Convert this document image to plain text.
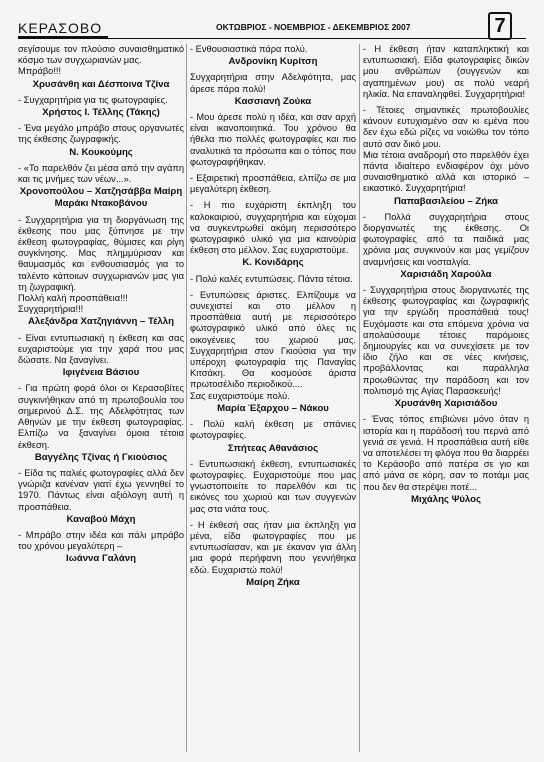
ΚΕΡΑΣΟΒΟ	ΟΚΤΩΒΡΙΟΣ - ΝΟΕΜΒΡΙΟΣ - ΔΕΚΕΜΒΡΙΟΣ 2007	7

σεγίσουμε τον πλούσιο συναισθηματικό κόσμο των συγχωριανών μας.
Μπράβο!!!

Χρυσάνθη και Δέσποινα Τζίνα

- Συγχαρητήρια για τις φωτογραφίες.

Χρήστος Ι. Τέλλης (Τάκης)

- Ένα μεγάλο μπράβο στους οργανωτές της έκθεσης ζωγραφικής.

Ν. Κουκούμης

- «Το παρελθόν ζει μέσα από την αγάπη και τις μνήμες των νέων...».

Χρονοπούλου – Χατζησάββα Μαίρη

Μαράκι Ντακοβάνου

- Συγχαρητήρια για τη διοργάνωση της έκθεσης που μας ξύπνησε με την έκθεση φωτογραφίας, θύμισες και ρίγη συγκίνησης. Μας πλημμύρισαν και θαυμασμός και ενθουσιασμός για το ταλέντο κάποιων συγχωριανών μας για τη ζωγραφική.
Πολλή καλή προσπάθεια!!!
Συγχαρητήρια!!!

Αλεξάνδρα Χατζηγιάννη – Τέλλη

- Είναι εντυπωσιακή η έκθεση και σας ευχαριστούμε για την χαρά που μας δώσατε. Να ξαναγίνει.

Ιφιγένεια Βάσιου

- Για πρώτη φορά όλοι οι Κερασοβίτες συγκινήθηκαν από τη πρωτοβουλία του σημερινού Δ.Σ. της Αδελφότητας των Αθηνών με την έκθεση φωτογραφίας. Ελπίζω να ξαναγίνει όμοια τέτοια έκθεση.

Βαγγέλης Τζίνας ή Γκιούσιος

- Είδα τις παλιές φωτογραφίες αλλά δεν γνώριζα κανέναν γιατί έχω γεννηθεί το 1970. Πάντως είναι αξιόλογη αυτή η προσπάθεια.

Καναβού Μάχη

- Μπράβο στην ιδέα και πάλι μπράβο του χρόνου μεγαλύτερη –

Ιωάννα Γαλάνη

- Ενθουσιαστικά πάρα πολύ.

Ανδρονίκη Κυρίτση

Συγχαρητήρια στην Αδελφότητα, μας άρεσε πάρα πολύ!

Κασσιανή Ζούκα

- Μου άρεσε πολύ η ιδέα, και σαν αρχή είναι ικανοποιητικά. Του χρόνου θα ήθελα πιο πολλές φωτογραφίες και πιο αναλυτικά τα πρόσωπα και ο τόπος που φωτογραφήθηκαν.

- Εξαιρετική προσπάθεια, ελπίζω σε μια μεγαλύτερη έκθεση.

- Η πιο ευχάριστη έκπληξη του καλοκαιριού, συγχαρητήρια και εύχομαι να συγκεντρωθεί ακόμη περισσότερο φωτογραφικό υλικό για μια καινούρια έκθεση στο μέλλον. Σας ευχαριστούμε.

Κ. Κονιδάρης

- Πολύ καλές εντυπώσεις. Πάντα τέτοια.

- Εντυπώσεις άριστες. Ελπίζουμε να συνεχιστεί και στο μέλλον η προσπάθεια αυτή με περισσότερο φωτογραφικό υλικό από όλες τις οικογένειες του χωριού μας. Συγχαρητήρια στον Γκιούσια για την υπέροχη φωτογραφία της Παναγίας Κιτσάκη. Θα κοσμούσε άριστα πρωτοσέλιδο περιοδικού....
Σας ευχαριστούμε πολύ.

Μαρία Έξαρχου – Νάκου

- Πολύ καλή έκθεση με σπάνιες φωτογραφίες.

Σπήτεας Αθανάσιος

- Εντυπωσιακή έκθεση, εντυπωσιακές φωτογραφίες. Ευχαριστούμε που μας γνωστοποιείτε το παρελθόν και τις εικόνες του χωριού και των συγγενών μας στα νιάτα τους.

- Η έκθεσή σας ήταν μια έκπληξη για μένα, είδα φωτογραφίες που με εντυπωσίασαν, και με έκαναν για άλλη μια φορά περήφανη που γεννήθηκα εδώ. Ευχαριστώ πολύ!

Μαίρη Ζήκα

- Η έκθεση ήταν καταπληκτική και εντυπωσιακή. Είδα φωτογραφίες δικών μου ανθρώπων (συγγενών και αγαπημένων μου) σε πολύ νεαρή ηλικία. Να επαναληφθεί. Συγχαρητήρια!

- Τέτοιες σημαντικές πρωτοβουλίες κάνουν ευτυχισμένο σαν κι εμένα που δεν έχω εδώ ρίζες να νοιώθω τον τόπο αυτό σαν δικό μου.
Μια τέτοια αναδρομή στο παρελθόν έχει πάντα ιδιαίτερο ενδιαφέρον όχι μόνο συναισθηματικό αλλά και ιστορικό – εικαστικό. Συγχαρητήρια!

Παπαβασιλείου – Ζήκα

- Πολλά συγχαρητήρια στους διοργανωτές της έκθεσης. Οι φωτογραφίες από τα παιδικά μας χρόνια μας συγκινούν και μας γεμίζουν αναμνήσεις και νοσταλγία.

Χαρισιάδη Χαρούλα

- Συγχαρητήρια στους διοργανωτές της έκθεσης φωτογραφίας και ζωγραφικής για την εργώδη προσπάθειά τους! Ευχόμαστε και στα επόμενα χρόνια να απολαύσουμε τέτοιες παρόμοιες δημιουργίες και να συνεχίσετε με τον ίδιο ζήλο και σε νέες κινήσεις, προβάλλοντας και παράλληλα προωθώντας την παράδοση και τον πολιτισμό της Αγίας Παρασκευής!

Χρυσάνθη Χαρισιάδου

- Ένας τόπος επιβιώνει μόνο όταν η ιστορία και η παράδοσή του περνά από γενιά σε γενιά. Η προσπάθεια αυτή είθε να αποτελέσει τη φλόγα που θα διαρρέει το Κεράσοβο από πατέρα σε γιο και από μάνα σε κόρη, σαν το ποτάμι μας που δεν θα στερέψει ποτέ...

Μιχάλης Ψύλος
